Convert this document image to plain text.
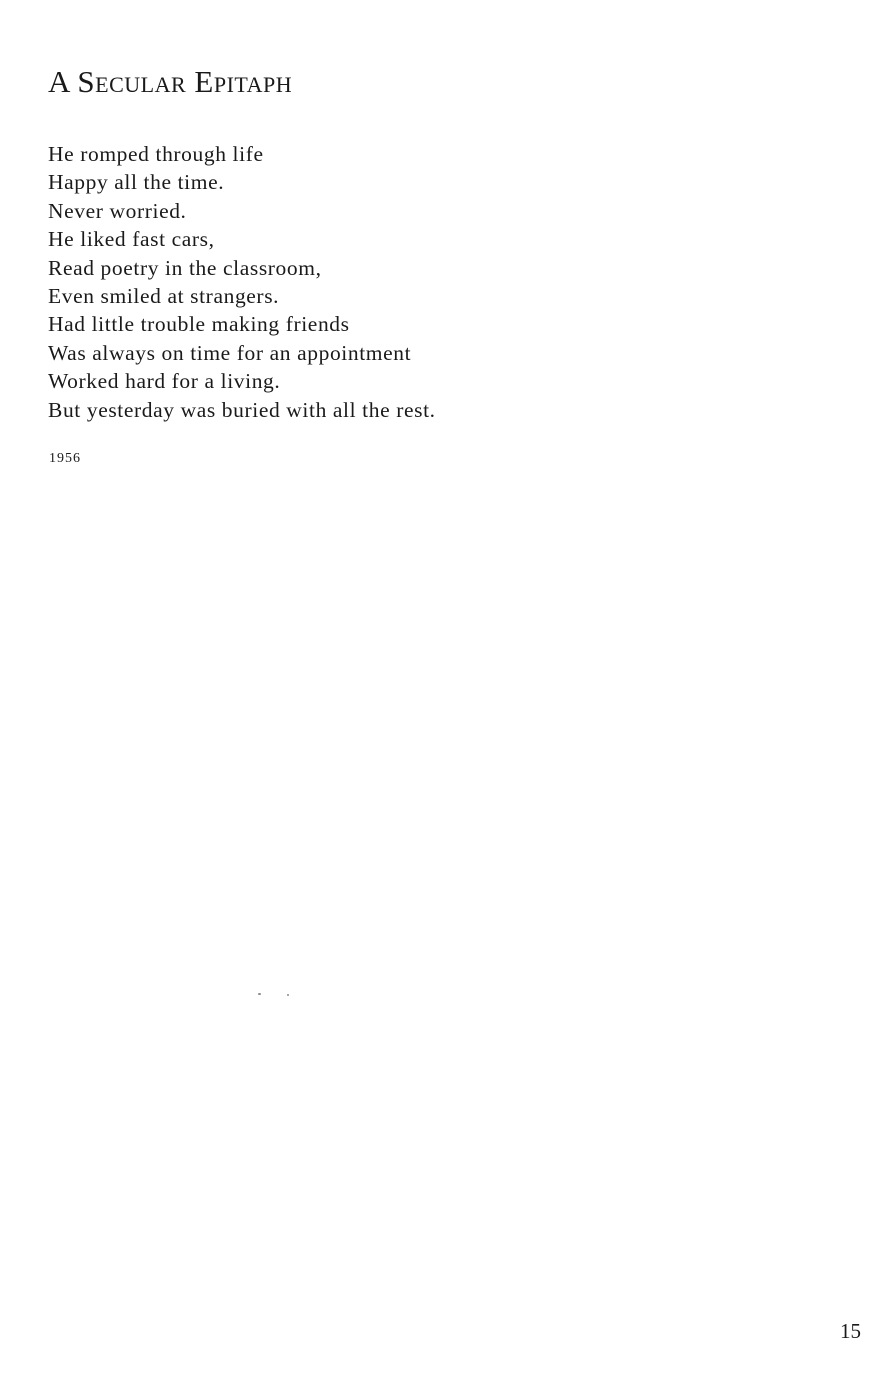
A Secular Epitaph
He romped through life
Happy all the time.
Never worried.
He liked fast cars,
Read poetry in the classroom,
Even smiled at strangers.
Had little trouble making friends
Was always on time for an appointment
Worked hard for a living.
But yesterday was buried with all the rest.
1956
15
